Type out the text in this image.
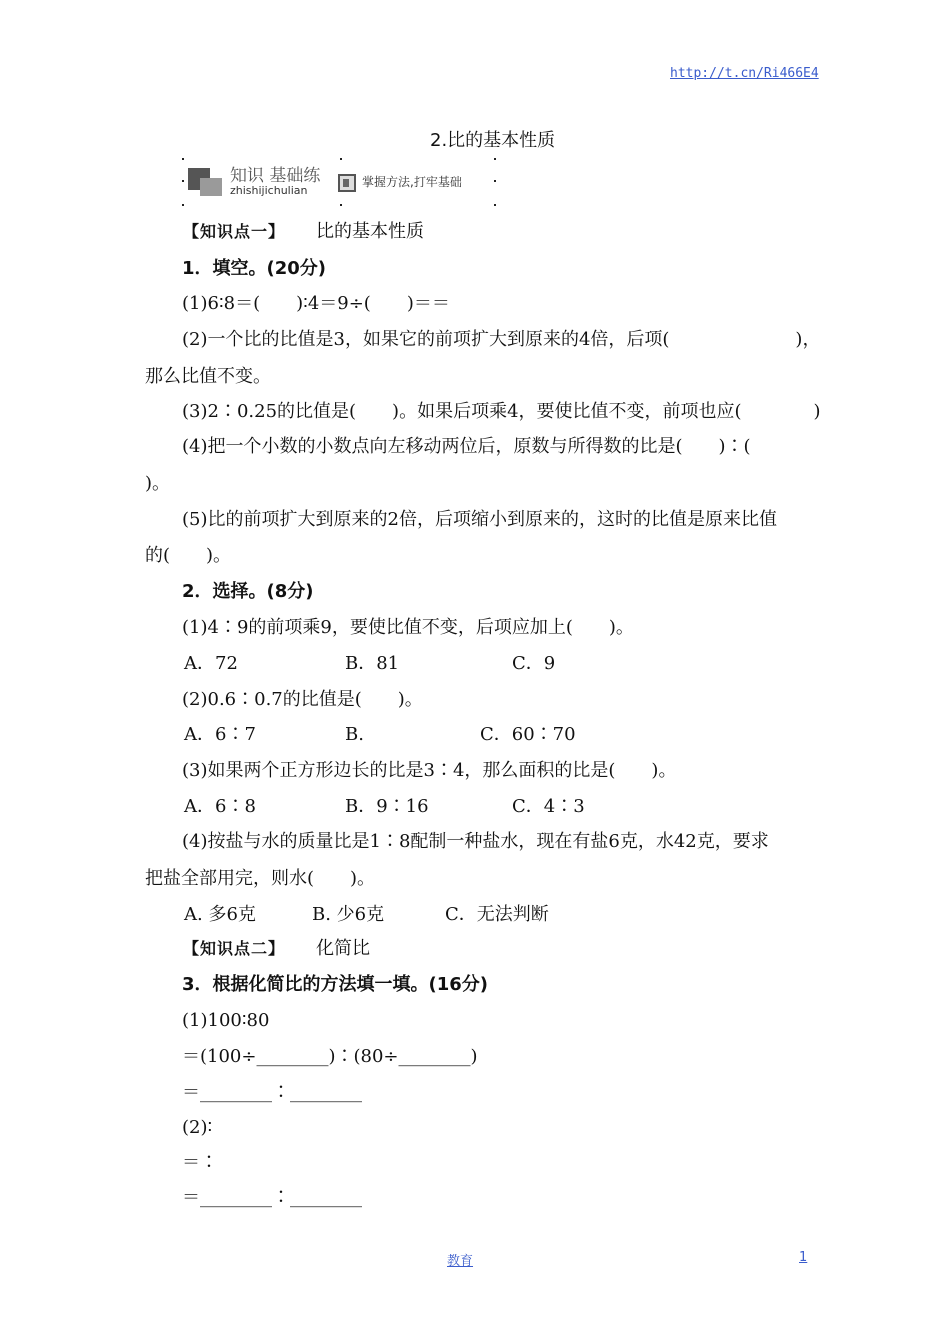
http://t.cn/Ri466E4
2.比的基本性质
知识 基础练
zhishijichulian
掌握方法,打牢基础
【知识点一】 比的基本性质
1．填空。(20分)
(1)6∶8＝(　　)∶4＝9÷(　　)＝＝
(2)一个比的比值是3，如果它的前项扩大到原来的4倍，后项(　　　　　　　)，
那么比值不变。
(3)2∶0.25的比值是(　　)。如果后项乘4，要使比值不变，前项也应(　　　　)
(4)把一个小数的小数点向左移动两位后，原数与所得数的比是(　　)∶(
)。
(5)比的前项扩大到原来的2倍，后项缩小到原来的，这时的比值是原来比值
的(　　)。
2．选择。(8分)
(1)4∶9的前项乘9，要使比值不变，后项应加上(　　)。
A．72	B．81	C．9
(2)0.6∶0.7的比值是(　　)。
A．6∶7	B.	C．60∶70
(3)如果两个正方形边长的比是3∶4，那么面积的比是(　　)。
A．6∶8	B．9∶16	C．4∶3
(4)按盐与水的质量比是1∶8配制一种盐水，现在有盐6克，水42克，要求
把盐全部用完，则水(　　)。
A. 多6克	B. 少6克	C．无法判断
【知识点二】 化简比
3．根据化简比的方法填一填。(16分)
(1)100∶80
＝(100÷________)∶(80÷________)
＝________∶________
(2)∶
＝∶
＝________∶________
教育	1
